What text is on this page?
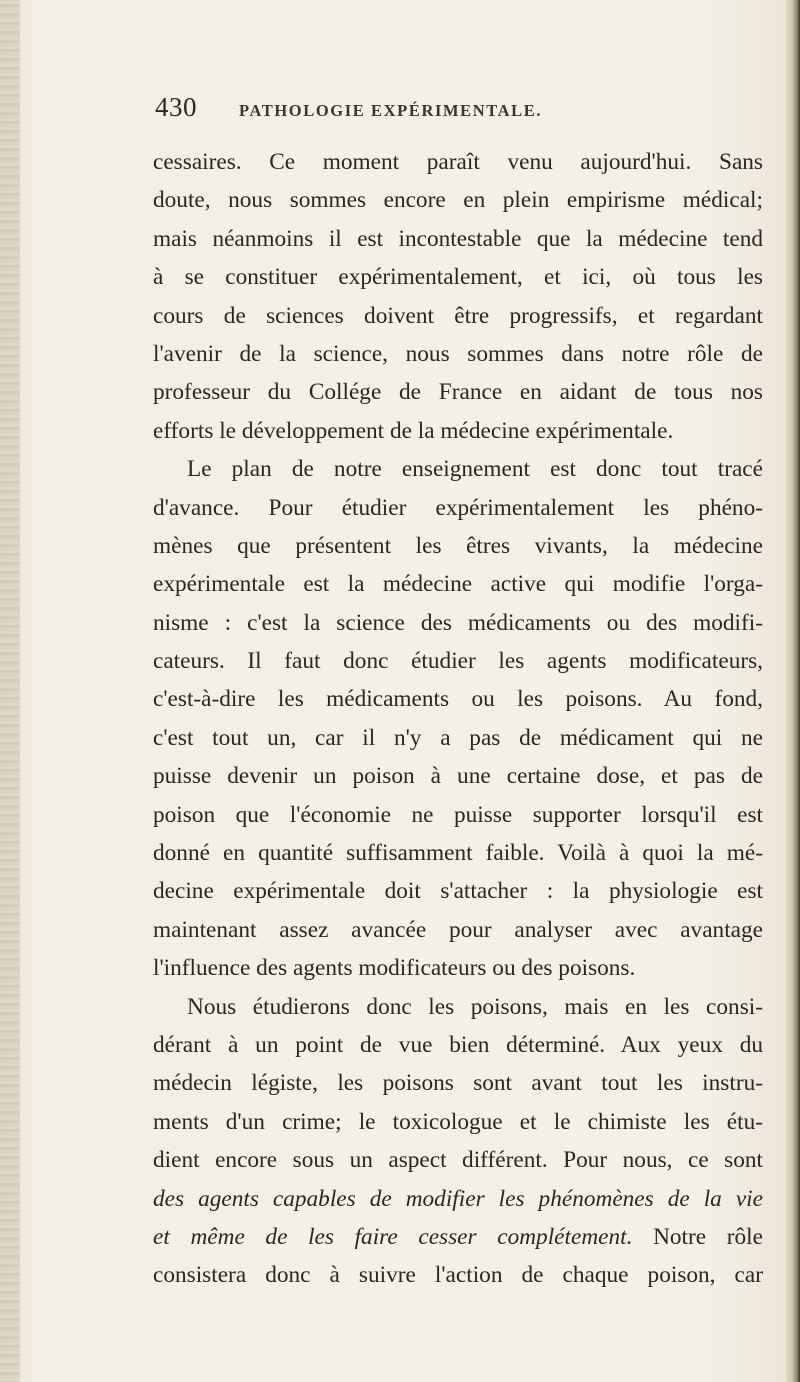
430	PATHOLOGIE EXPÉRIMENTALE.
cessaires. Ce moment paraît venu aujourd'hui. Sans
doute, nous sommes encore en plein empirisme médical;
mais néanmoins il est incontestable que la médecine tend
à se constituer expérimentalement, et ici, où tous les
cours de sciences doivent être progressifs, et regardant
l'avenir de la science, nous sommes dans notre rôle de
professeur du Collége de France en aidant de tous nos
efforts le développement de la médecine expérimentale.
Le plan de notre enseignement est donc tout tracé
d'avance. Pour étudier expérimentalement les phéno-
mènes que présentent les êtres vivants, la médecine
expérimentale est la médecine active qui modifie l'orga-
nisme : c'est la science des médicaments ou des modifi-
cateurs. Il faut donc étudier les agents modificateurs,
c'est-à-dire les médicaments ou les poisons. Au fond,
c'est tout un, car il n'y a pas de médicament qui ne
puisse devenir un poison à une certaine dose, et pas de
poison que l'économie ne puisse supporter lorsqu'il est
donné en quantité suffisamment faible. Voilà à quoi la mé-
decine expérimentale doit s'attacher : la physiologie est
maintenant assez avancée pour analyser avec avantage
l'influence des agents modificateurs ou des poisons.
Nous étudierons donc les poisons, mais en les consi-
dérant à un point de vue bien déterminé. Aux yeux du
médecin légiste, les poisons sont avant tout les instru-
ments d'un crime; le toxicologue et le chimiste les étu-
dient encore sous un aspect différent. Pour nous, ce sont
des agents capables de modifier les phénomènes de la vie
et même de les faire cesser complétement. Notre rôle
consistera donc à suivre l'action de chaque poison, car
